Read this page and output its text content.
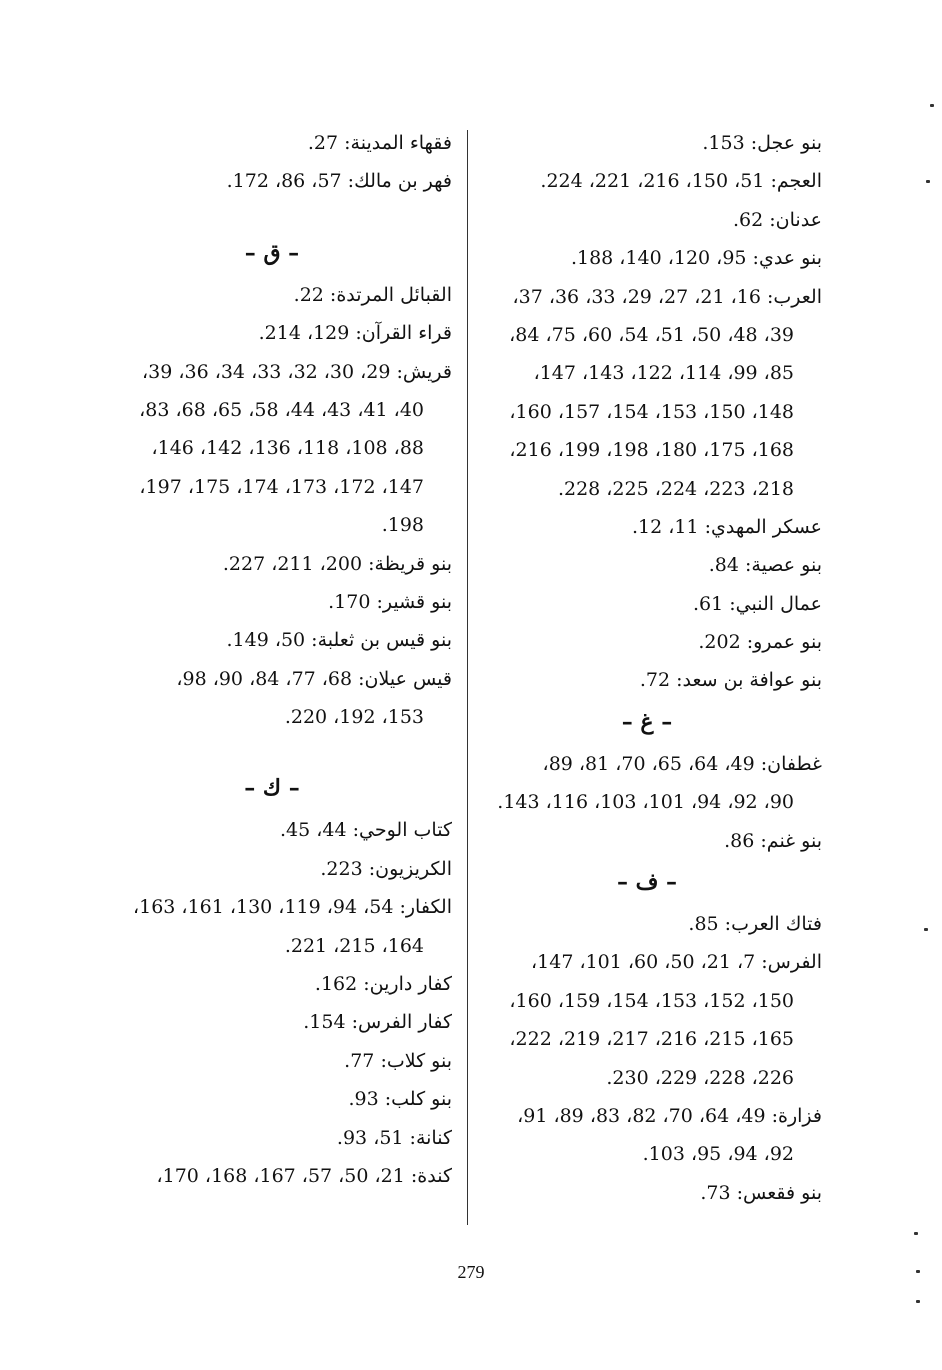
بنو عجل: 153.
العجم: 51، 150، 216، 221، 224.
عدنان: 62.
بنو عدي: 95، 120، 140، 188.
العرب: 16، 21، 27، 29، 33، 36، 37،
39، 48، 50، 51، 54، 60، 75، 84،
85، 99، 114، 122، 143، 147،
148، 150، 153، 154، 157، 160،
168، 175، 180، 198، 199، 216،
218، 223، 224، 225، 228.
عسكر المهدي: 11، 12.
بنو عصية: 84.
عمال النبي: 61.
بنو عمرو: 202.
بنو عوافة بن سعد: 72.
– غ –
غطفان: 49، 64، 65، 70، 81، 89،
90، 92، 94، 101، 103، 116، 143.
بنو غنم: 86.
– ف –
فتاك العرب: 85.
الفرس: 7، 21، 50، 60، 101، 147،
150، 152، 153، 154، 159، 160،
165، 215، 216، 217، 219، 222،
226، 228، 229، 230.
فزارة: 49، 64، 70، 82، 83، 89، 91،
92، 94، 95، 103.
بنو فقعس: 73.
فقهاء المدينة: 27.
فهر بن مالك: 57، 86، 172.
– ق –
القبائل المرتدة: 22.
قراء القرآن: 129، 214.
قريش: 29، 30، 32، 33، 34، 36، 39،
40، 41، 43، 44، 58، 65، 68، 83،
88، 108، 118، 136، 142، 146،
147، 172، 173، 174، 175، 197،
198.
بنو قريظة: 200، 211، 227.
بنو قشير: 170.
بنو قيس بن ثعلبة: 50، 149.
قيس عيلان: 68، 77، 84، 90، 98،
153، 192، 220.
– ك –
كتاب الوحي: 44، 45.
الكريزيون: 223.
الكفار: 54، 94، 119، 130، 161، 163،
164، 215، 221.
كفار دارين: 162.
كفار الفرس: 154.
بنو كلاب: 77.
بنو كلب: 93.
كنانة: 51، 93.
كندة: 21، 50، 57، 167، 168، 170،
279
